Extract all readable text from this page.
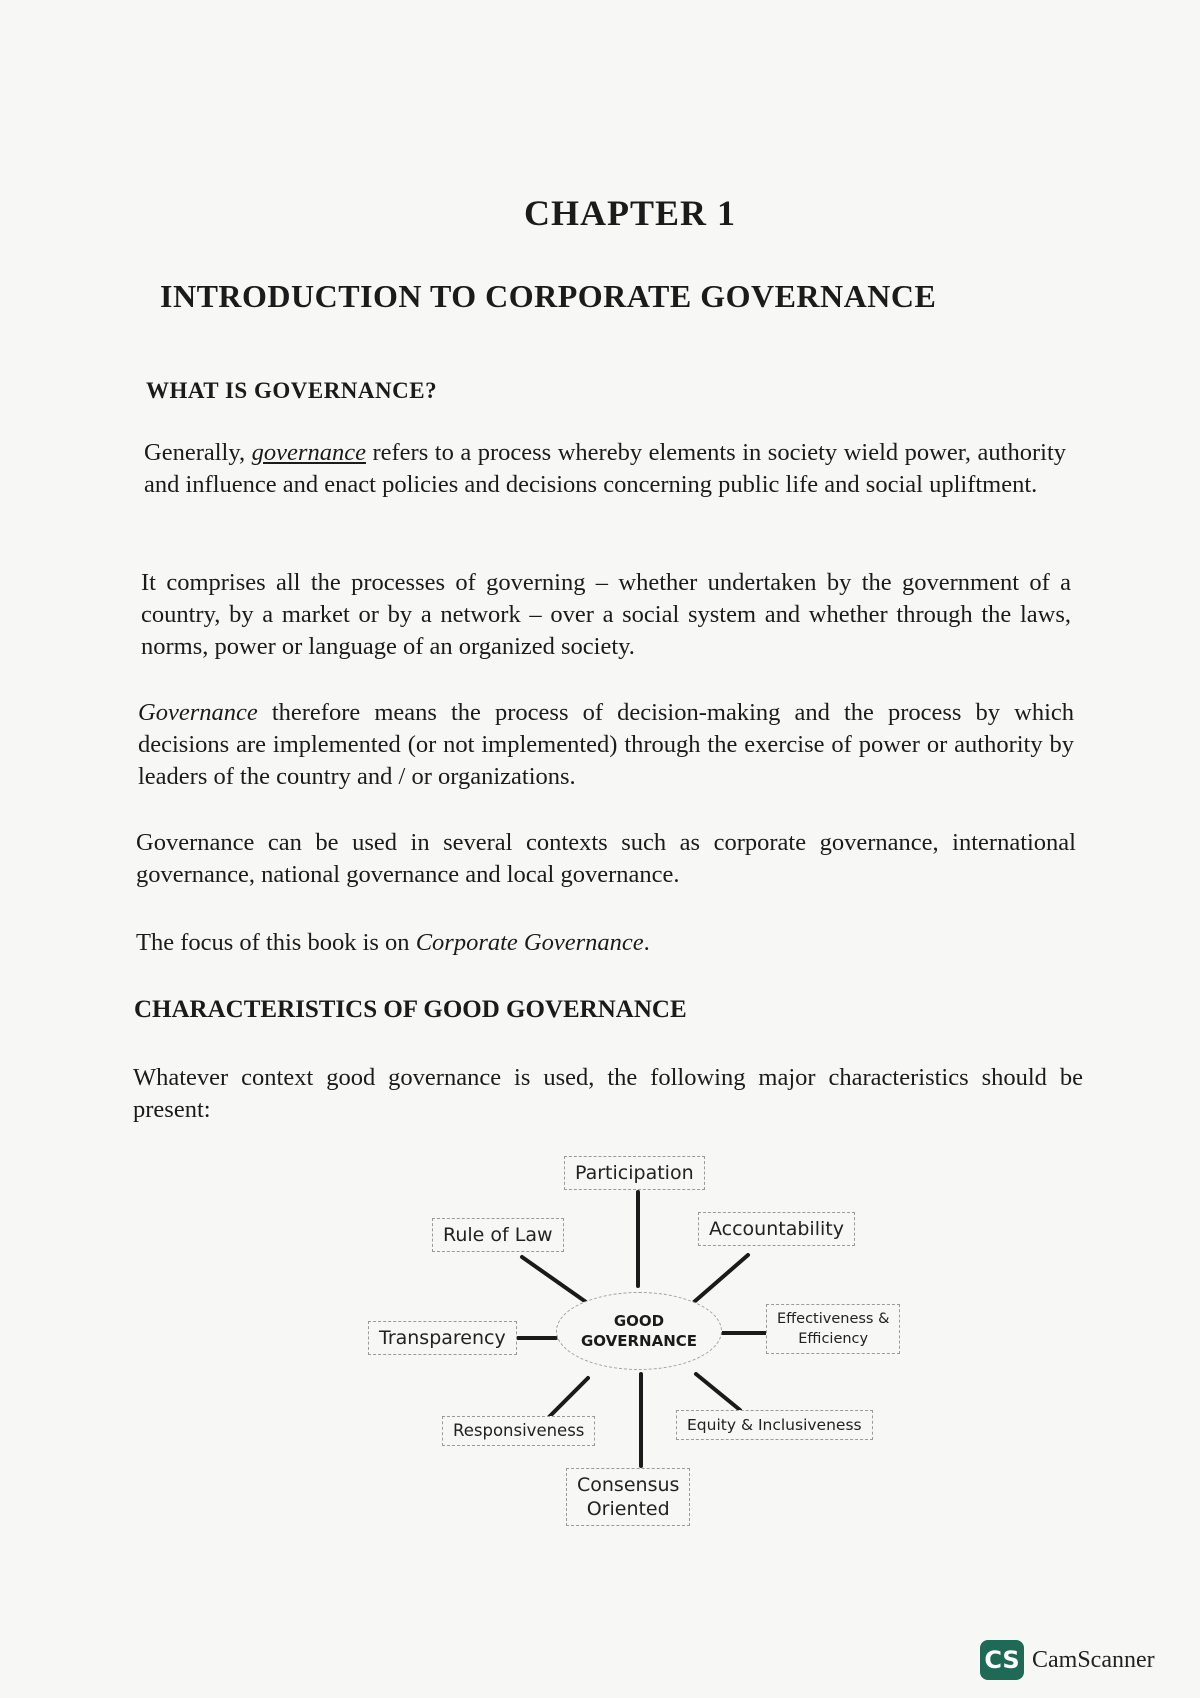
CHAPTER 1
INTRODUCTION TO CORPORATE GOVERNANCE
WHAT IS GOVERNANCE?
Generally, governance refers to a process whereby elements in society wield power, authority and influence and enact policies and decisions concerning public life and social upliftment.
It comprises all the processes of governing – whether undertaken by the government of a country, by a market or by a network – over a social system and whether through the laws, norms, power or language of an organized society.
Governance therefore means the process of decision-making and the process by which decisions are implemented (or not implemented) through the exercise of power or authority by leaders of the country and / or organizations.
Governance can be used in several contexts such as corporate governance, international governance, national governance and local governance.
The focus of this book is on Corporate Governance.
CHARACTERISTICS OF GOOD GOVERNANCE
Whatever context good governance is used, the following major characteristics should be present:
GOOD
GOVERNANCE
Participation
Accountability
Rule of Law
Effectiveness &
Efficiency
Transparency
Responsiveness	Equity & Inclusiveness
Consensus
Oriented
CS CamScanner
